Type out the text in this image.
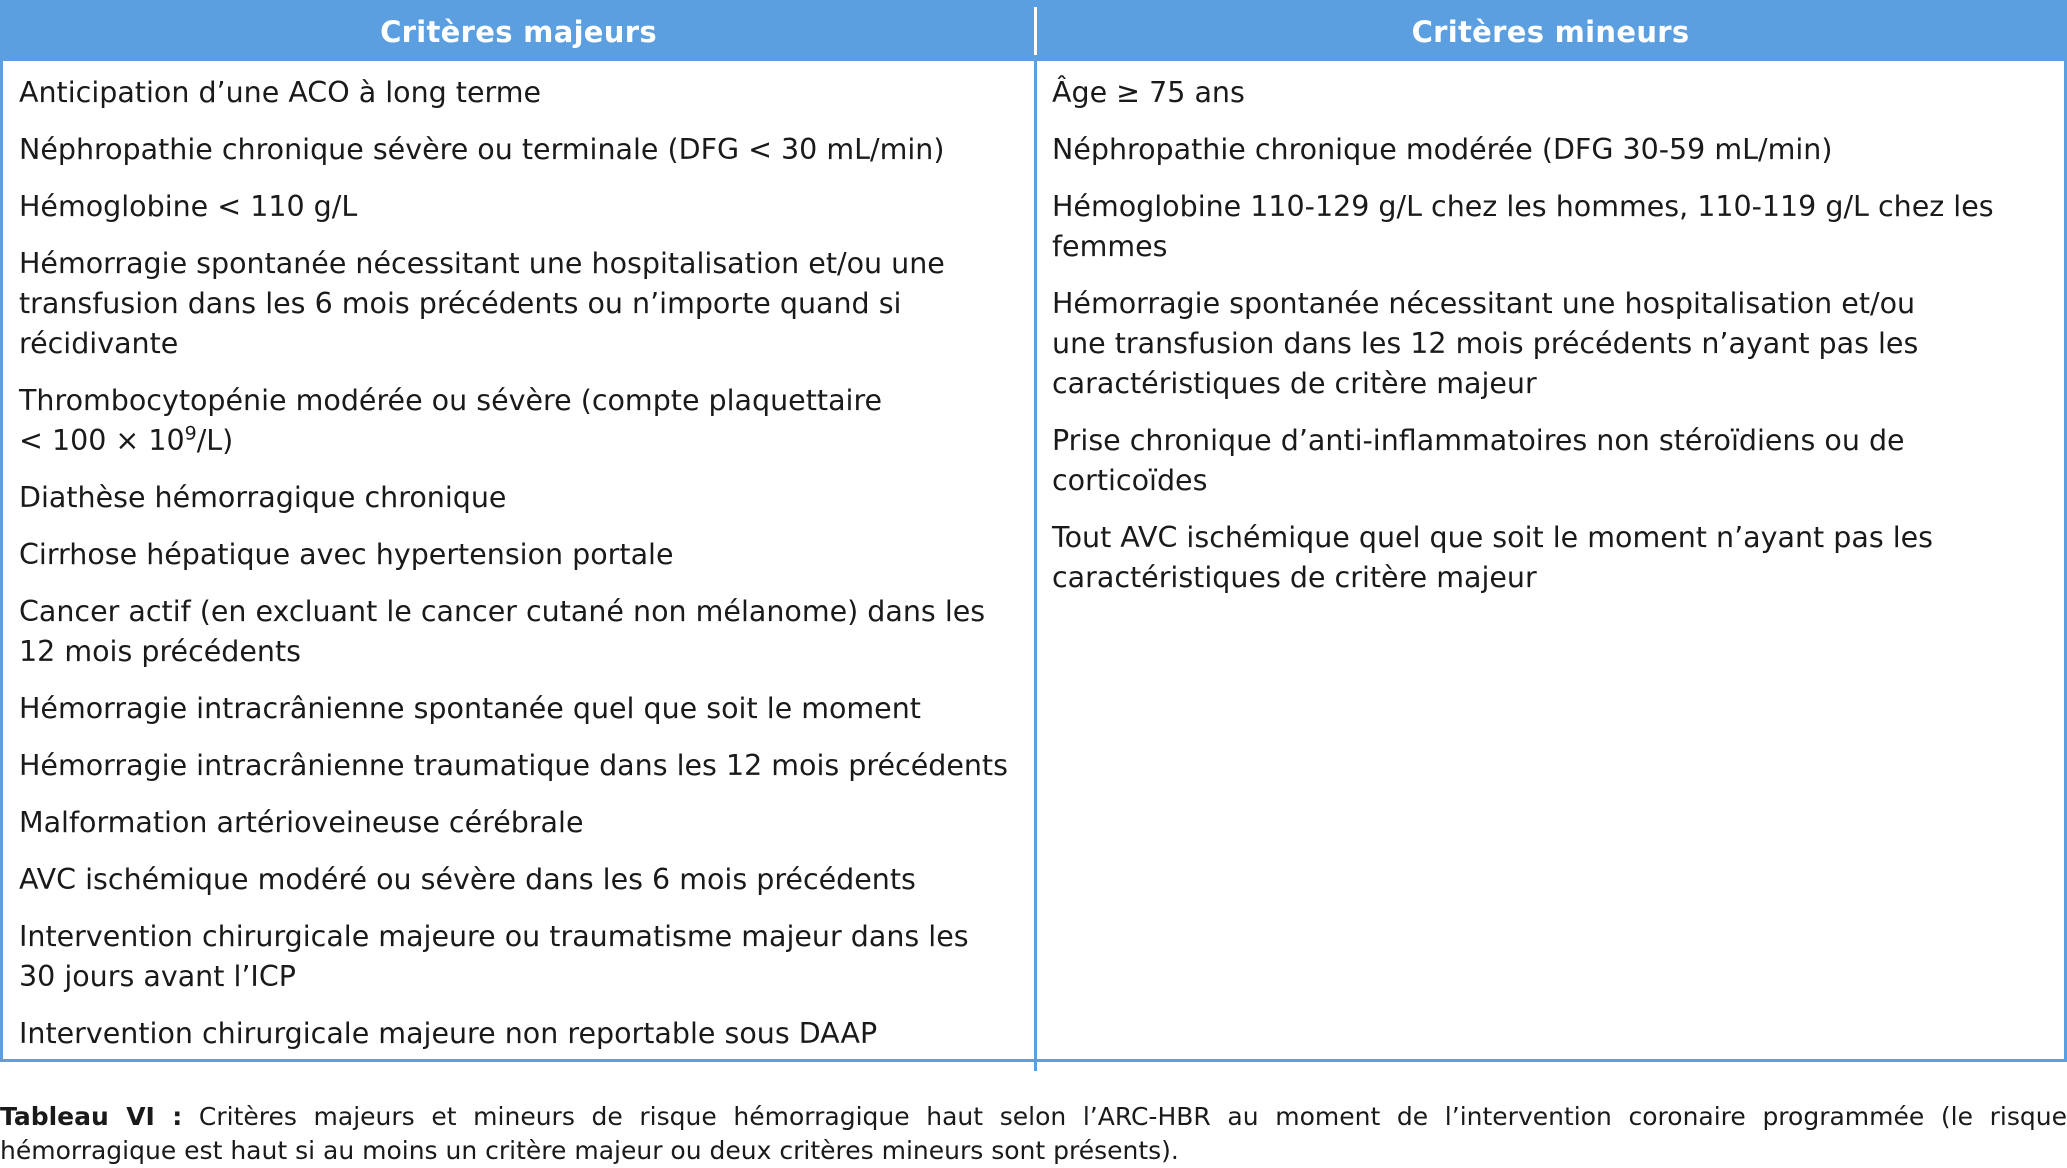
Critères majeurs	Critères mineurs
Anticipation d’une ACO à long terme
Néphropathie chronique sévère ou terminale (DFG < 30 mL/min)
Hémoglobine < 110 g/L
Hémorragie spontanée nécessitant une hospitalisation et/ou une
transfusion dans les 6 mois précédents ou n’importe quand si
récidivante
Thrombocytopénie modérée ou sévère (compte plaquettaire
< $100 \times 10^9/L$)
Diathèse hémorragique chronique
Cirrhose hépatique avec hypertension portale
Cancer actif (en excluant le cancer cutané non mélanome) dans les
12 mois précédents
Hémorragie intracrânienne spontanée quel que soit le moment
Hémorragie intracrânienne traumatique dans les 12 mois précédents
Malformation artérioveineuse cérébrale
AVC ischémique modéré ou sévère dans les 6 mois précédents
Intervention chirurgicale majeure ou traumatisme majeur dans les
30 jours avant l’ICP
Intervention chirurgicale majeure non reportable sous DAAP
Âge ≥ 75 ans
Néphropathie chronique modérée (DFG 30-59 mL/min)
Hémoglobine 110-129 g/L chez les hommes, 110-119 g/L chez les
femmes
Hémorragie spontanée nécessitant une hospitalisation et/ou
une transfusion dans les 12 mois précédents n’ayant pas les
caractéristiques de critère majeur
Prise chronique d’anti-inflammatoires non stéroïdiens ou de
corticoïdes
Tout AVC ischémique quel que soit le moment n’ayant pas les
caractéristiques de critère majeur
Tableau VI : Critères majeurs et mineurs de risque hémorragique haut selon l’ARC-HBR au moment de l’intervention coronaire programmée (le risque hémorragique est haut si au moins un critère majeur ou deux critères mineurs sont présents).
